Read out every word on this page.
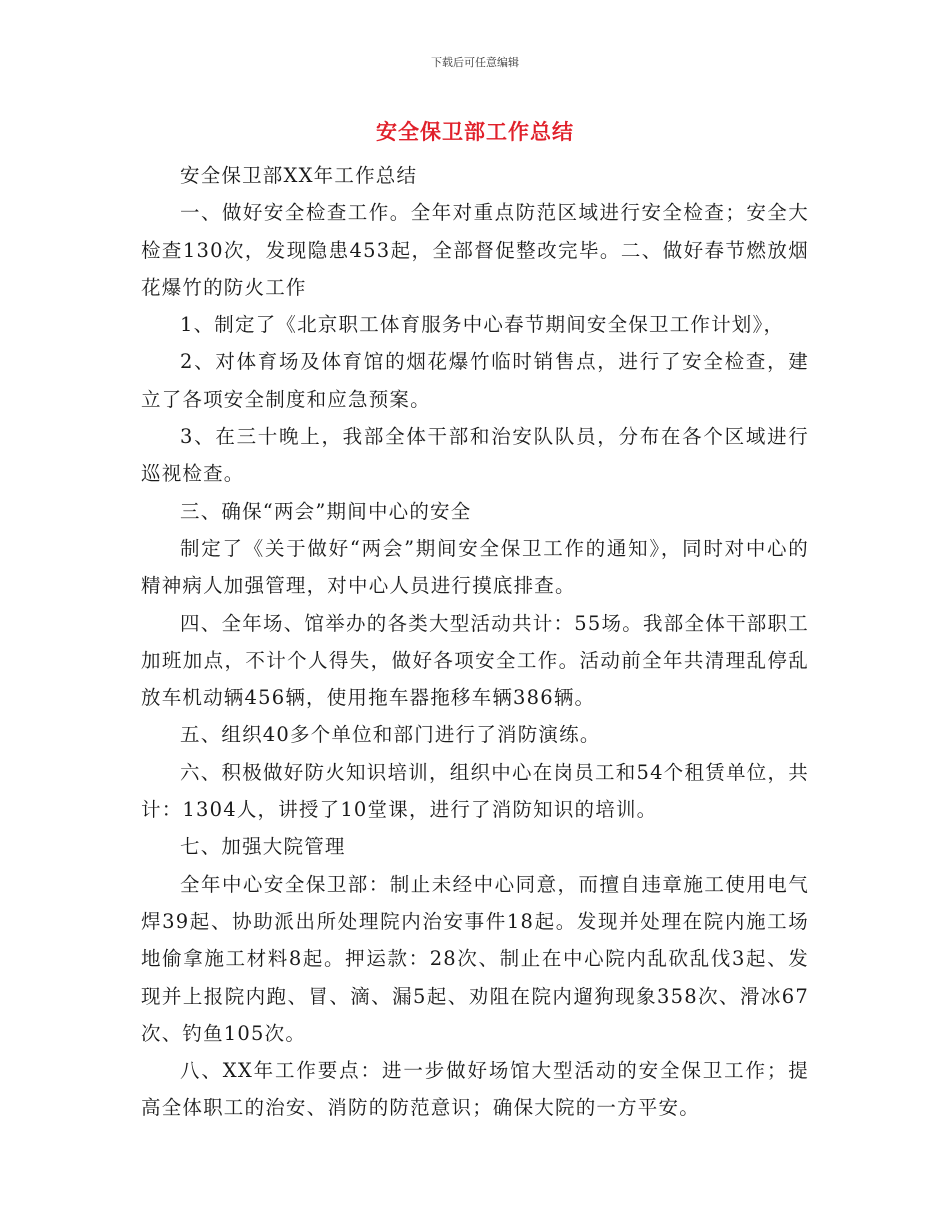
下载后可任意编辑
安全保卫部工作总结

安全保卫部XX年工作总结

一、做好安全检查工作。全年对重点防范区域进行安全检查；安全大检查130次，发现隐患453起，全部督促整改完毕。二、做好春节燃放烟花爆竹的防火工作

1、制定了《北京职工体育服务中心春节期间安全保卫工作计划》，

2、对体育场及体育馆的烟花爆竹临时销售点，进行了安全检查，建立了各项安全制度和应急预案。

3、在三十晚上，我部全体干部和治安队队员，分布在各个区域进行巡视检查。

三、确保“两会”期间中心的安全

制定了《关于做好“两会”期间安全保卫工作的通知》，同时对中心的精神病人加强管理，对中心人员进行摸底排查。

四、全年场、馆举办的各类大型活动共计：55场。我部全体干部职工加班加点，不计个人得失，做好各项安全工作。活动前全年共清理乱停乱放车机动辆456辆，使用拖车器拖移车辆386辆。

五、组织40多个单位和部门进行了消防演练。

六、积极做好防火知识培训，组织中心在岗员工和54个租赁单位，共计：1304人，讲授了10堂课，进行了消防知识的培训。

七、加强大院管理

全年中心安全保卫部：制止未经中心同意，而擅自违章施工使用电气焊39起、协助派出所处理院内治安事件18起。发现并处理在院内施工场地偷拿施工材料8起。押运款：28次、制止在中心院内乱砍乱伐3起、发现并上报院内跑、冒、滴、漏5起、劝阻在院内遛狗现象358次、滑冰67次、钓鱼105次。

八、XX年工作要点：进一步做好场馆大型活动的安全保卫工作；提高全体职工的治安、消防的防范意识；确保大院的一方平安。
